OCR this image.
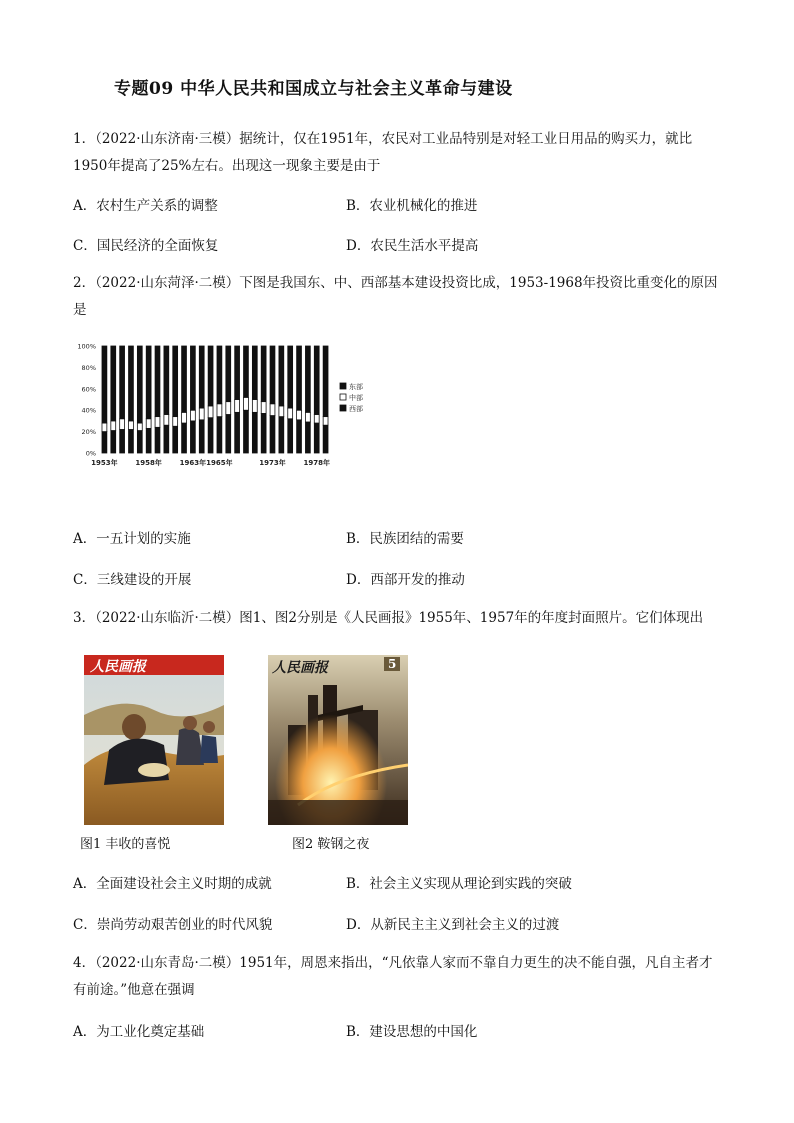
专题09 中华人民共和国成立与社会主义革命与建设
1．（2022·山东济南·三模）据统计，仅在1951年，农民对工业品特别是对轻工业日用品的购买力，就比1950年提高了25%左右。出现这一现象主要是由于
A．农村生产关系的调整	B．农业机械化的推进
C．国民经济的全面恢复	D．农民生活水平提高
2．（2022·山东菏泽·二模）下图是我国东、中、西部基本建设投资比成，1953-1968年投资比重变化的原因是
0%
20%
40%
60%
80%
100%
1953年	1958年	1963年 1965年	1973年	1978年
东部
中部
西部
A．一五计划的实施	B．民族团结的需要
C．三线建设的开展	D．西部开发的推动
3．（2022·山东临沂·二模）图1、图2分别是《人民画报》1955年、1957年的年度封面照片。它们体现出
人民画报	人民画报	5
图1 丰收的喜悦	图2 鞍钢之夜
A．全面建设社会主义时期的成就	B．社会主义实现从理论到实践的突破
C．崇尚劳动艰苦创业的时代风貌	D．从新民主主义到社会主义的过渡
4．（2022·山东青岛·二模）1951年，周恩来指出，“凡依靠人家而不靠自力更生的决不能自强，凡自主者才有前途。”他意在强调
A．为工业化奠定基础	B．建设思想的中国化
